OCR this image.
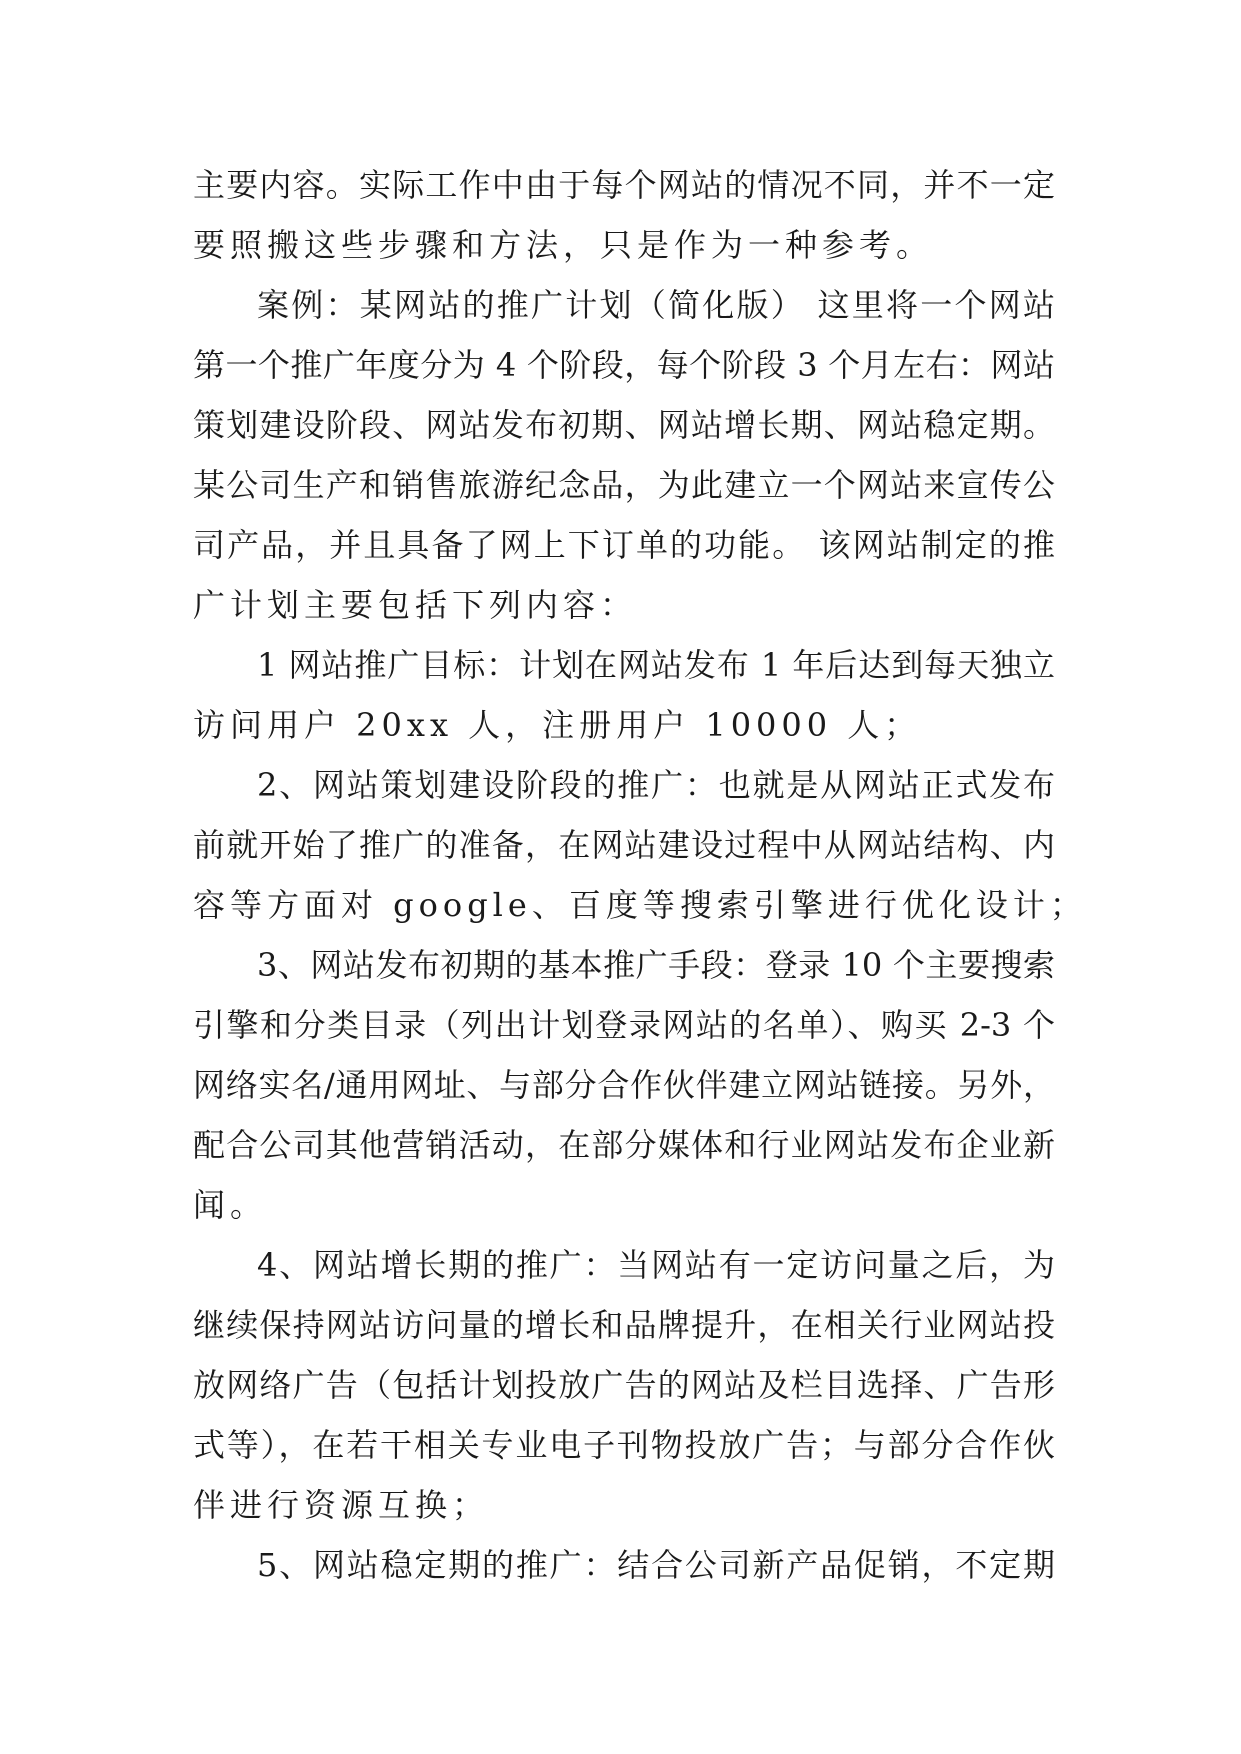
主要内容。实际工作中由于每个网站的情况不同，并不一定
要照搬这些步骤和方法，只是作为一种参考。
案例：某网站的推广计划（简化版） 这里将一个网站
第一个推广年度分为 4 个阶段，每个阶段 3 个月左右：网站
策划建设阶段、网站发布初期、网站增长期、网站稳定期。
某公司生产和销售旅游纪念品，为此建立一个网站来宣传公
司产品，并且具备了网上下订单的功能。 该网站制定的推
广计划主要包括下列内容：
1 网站推广目标：计划在网站发布 1 年后达到每天独立
访问用户 20xx 人，注册用户 10000 人；
2、网站策划建设阶段的推广：也就是从网站正式发布
前就开始了推广的准备，在网站建设过程中从网站结构、内
容等方面对 google、百度等搜索引擎进行优化设计；
3、网站发布初期的基本推广手段：登录 10 个主要搜索
引擎和分类目录（列出计划登录网站的名单）、购买 2-3 个
网络实名/通用网址、与部分合作伙伴建立网站链接。另外，
配合公司其他营销活动，在部分媒体和行业网站发布企业新
闻。
4、网站增长期的推广：当网站有一定访问量之后，为
继续保持网站访问量的增长和品牌提升，在相关行业网站投
放网络广告（包括计划投放广告的网站及栏目选择、广告形
式等），在若干相关专业电子刊物投放广告；与部分合作伙
伴进行资源互换；
5、网站稳定期的推广：结合公司新产品促销，不定期
